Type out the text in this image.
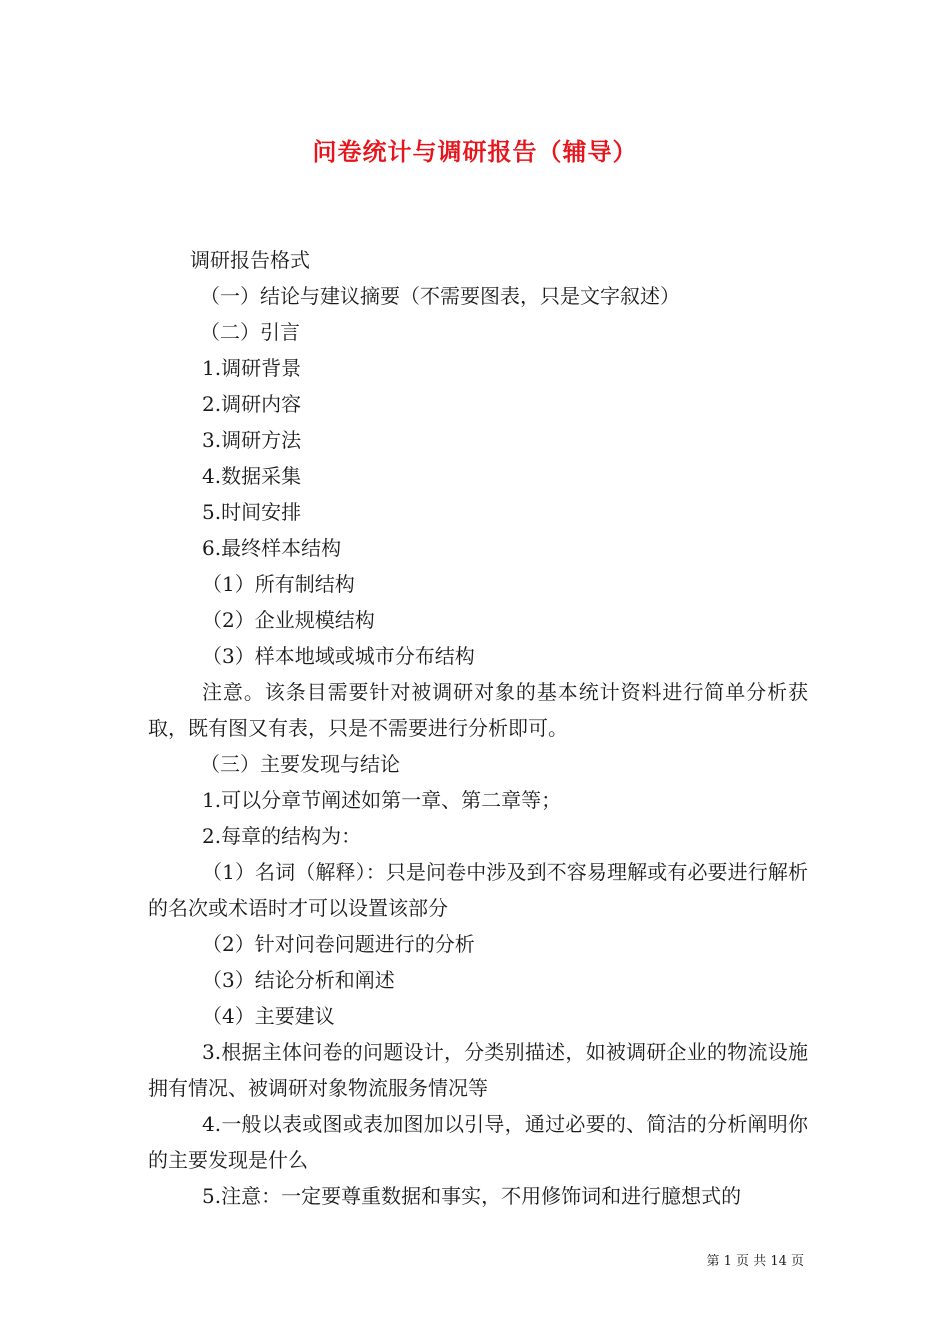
问卷统计与调研报告（辅导）
调研报告格式
（一）结论与建议摘要（不需要图表，只是文字叙述）
（二）引言
1.调研背景
2.调研内容
3.调研方法
4.数据采集
5.时间安排
6.最终样本结构
（1）所有制结构
（2）企业规模结构
（3）样本地域或城市分布结构
注意。该条目需要针对被调研对象的基本统计资料进行简单分析获取，既有图又有表，只是不需要进行分析即可。
（三）主要发现与结论
1.可以分章节阐述如第一章、第二章等；
2.每章的结构为：
（1）名词（解释）：只是问卷中涉及到不容易理解或有必要进行解析的名次或术语时才可以设置该部分
（2）针对问卷问题进行的分析
（3）结论分析和阐述
（4）主要建议
3.根据主体问卷的问题设计，分类别描述，如被调研企业的物流设施拥有情况、被调研对象物流服务情况等
4.一般以表或图或表加图加以引导，通过必要的、简洁的分析阐明你的主要发现是什么
5.注意：一定要尊重数据和事实，不用修饰词和进行臆想式的
第 1 页 共 14 页
